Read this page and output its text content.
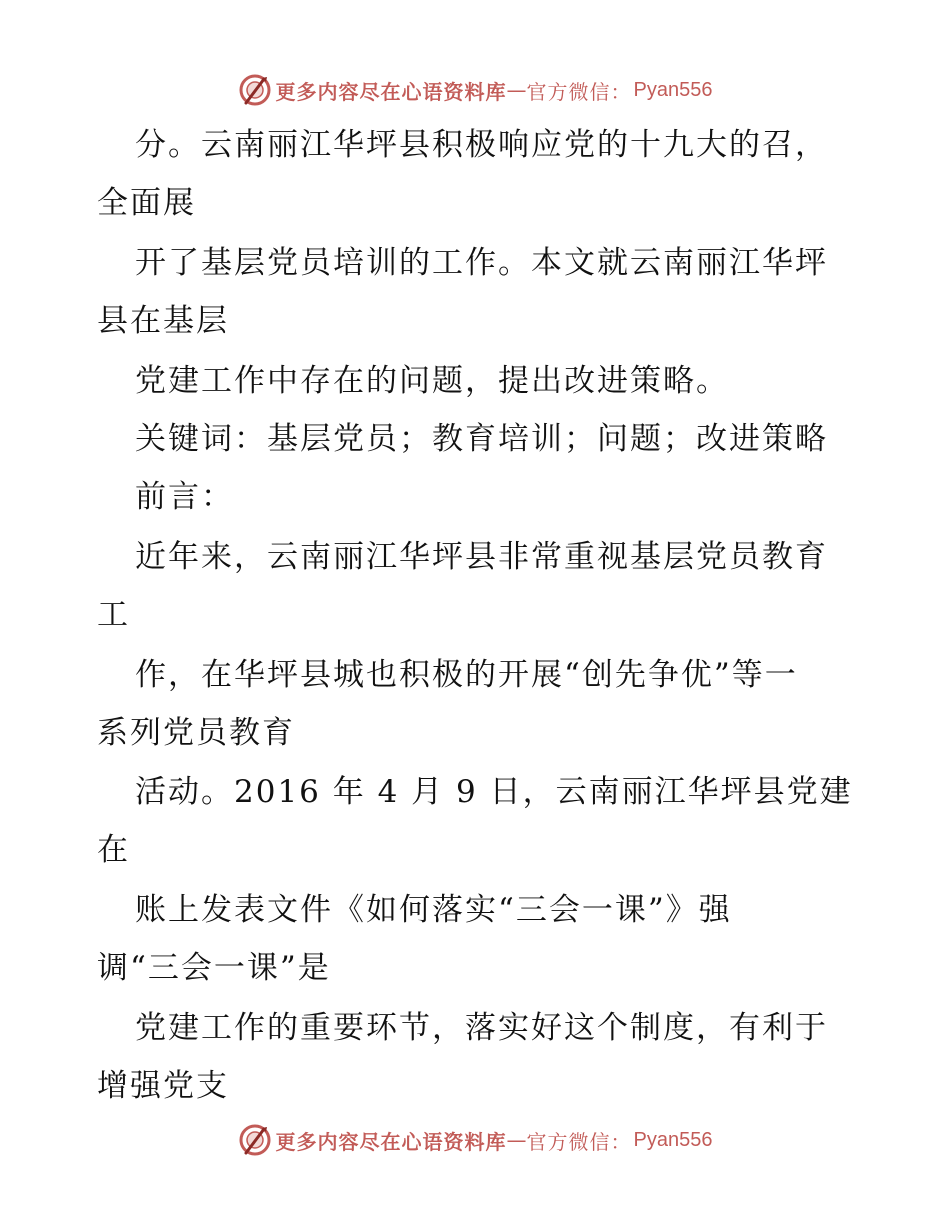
更多内容尽在心语资料库 — 官方微信： Pyan556
分。云南丽江华坪县积极响应党的十九大的召，
全面展
开了基层党员培训的工作。本文就云南丽江华坪
县在基层
党建工作中存在的问题，提出改进策略。
关键词：基层党员；教育培训；问题；改进策略
前言：
近年来，云南丽江华坪县非常重视基层党员教育
工
作，在华坪县城也积极的开展“创先争优”等一
系列党员教育
活动。2016 年 4 月 9 日，云南丽江华坪县党建
在
账上发表文件《如何落实“三会一课”》强
调“三会一课”是
党建工作的重要环节，落实好这个制度，有利于
增强党支
更多内容尽在心语资料库 — 官方微信： Pyan556
